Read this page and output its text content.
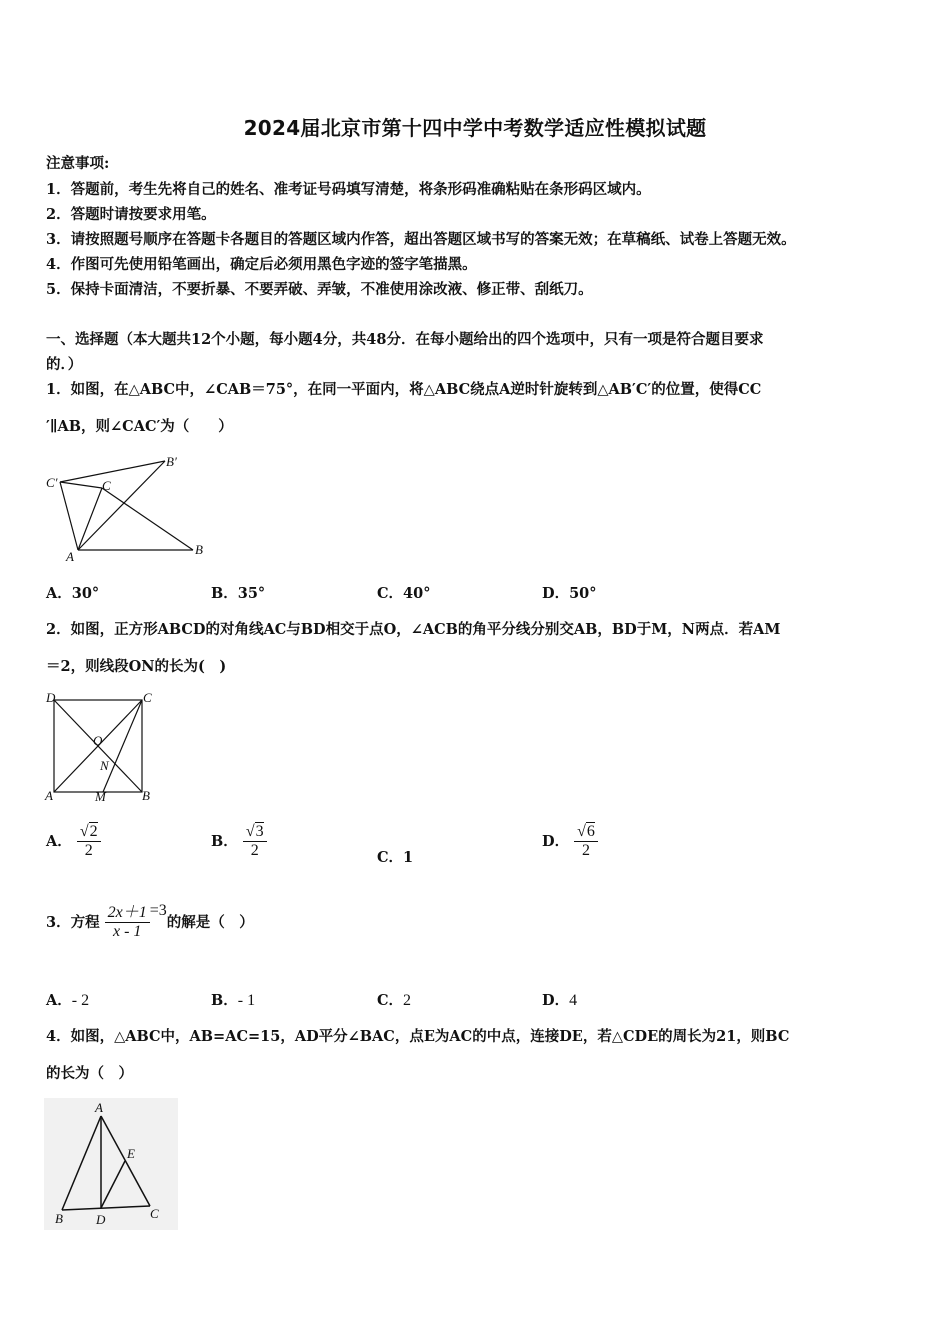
2024届北京市第十四中学中考数学适应性模拟试题
注意事项:
1．答题前，考生先将自己的姓名、准考证号码填写清楚，将条形码准确粘贴在条形码区域内。
2．答题时请按要求用笔。
3．请按照题号顺序在答题卡各题目的答题区域内作答，超出答题区域书写的答案无效；在草稿纸、试卷上答题无效。
4．作图可先使用铅笔画出，确定后必须用黑色字迹的签字笔描黑。
5．保持卡面清洁，不要折暴、不要弄破、弄皱，不准使用涂改液、修正带、刮纸刀。
一、选择题（本大题共12个小题，每小题4分，共48分．在每小题给出的四个选项中，只有一项是符合题目要求
的．）
1．如图，在△ABC中，∠CAB＝75°，在同一平面内，将△ABC绕点A逆时针旋转到△AB′C′的位置，使得CC
′∥AB，则∠CAC′为（　　）
C′	C
B′
A	B
A．30°	B．35°	C．40°	D．50°
2．如图，正方形ABCD的对角线AC与BD相交于点O，∠ACB的角平分线分别交AB，BD于M，N两点．若AM
＝2，则线段ON的长为(　)
D	C
O
N
A	M	B
A． $\frac{√2}{2}$	B． $\frac{√3}{2}$	C．1
D． $\frac{√6}{2}$
3．方程 $\frac{2x+1}{x - 1} =3$的解是（　）
A．- 2	B．- 1	C．2	D．4
4．如图，△ABC中，AB=AC=15，AD平分∠BAC，点E为AC的中点，连接DE，若△CDE的周长为21，则BC
的长为（　）
A
E
B	D	C
